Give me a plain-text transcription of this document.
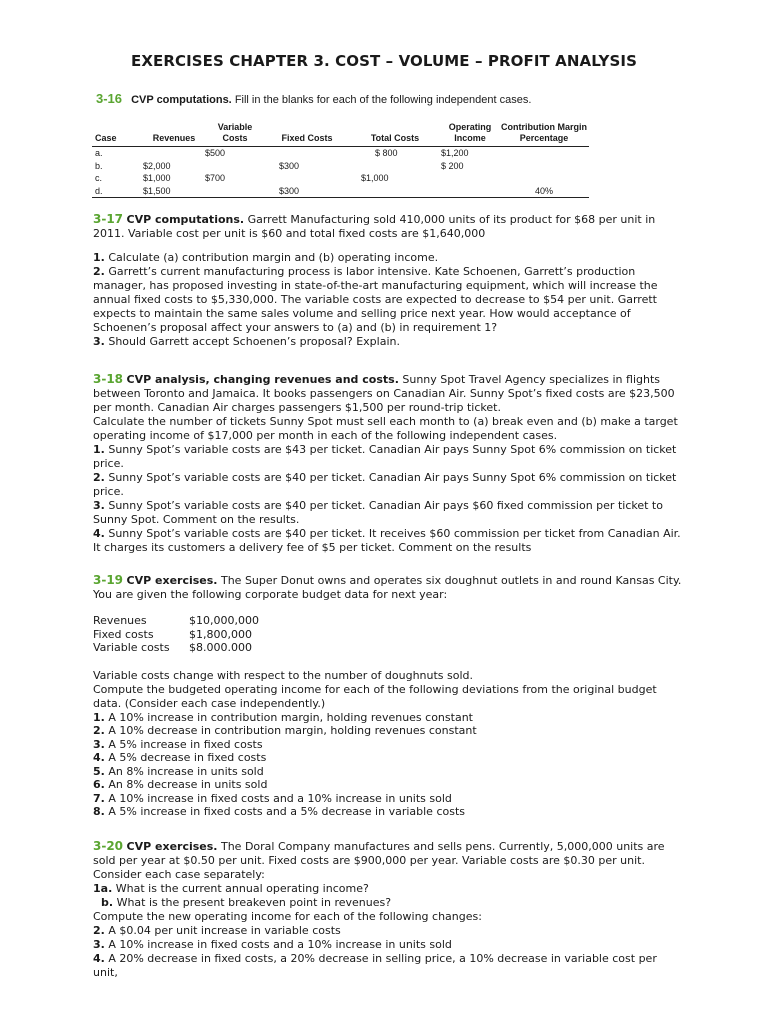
EXERCISES CHAPTER 3. COST – VOLUME – PROFIT ANALYSIS
3-16 CVP computations. Fill in the blanks for each of the following independent cases.
Case	Revenues	Variable Costs	Fixed Costs	Total Costs	Operating Income	Contribution Margin Percentage
a.		$500		$ 800	$1,200	
b.	$2,000		$300		$ 200	
c.	$1,000	$700		$1,000		
d.	$1,500		$300			40%

3-17 CVP computations. Garrett Manufacturing sold 410,000 units of its product for $68 per unit in 2011. Variable cost per unit is $60 and total fixed costs are $1,640,000

1. Calculate (a) contribution margin and (b) operating income.

2. Garrett’s current manufacturing process is labor intensive. Kate Schoenen, Garrett’s production manager, has proposed investing in state-of-the-art manufacturing equipment, which will increase the annual fixed costs to $5,330,000. The variable costs are expected to decrease to $54 per unit. Garrett expects to maintain the same sales volume and selling price next year. How would acceptance of Schoenen’s proposal affect your answers to (a) and (b) in requirement 1?

3. Should Garrett accept Schoenen’s proposal? Explain.

3-18 CVP analysis, changing revenues and costs. Sunny Spot Travel Agency specializes in flights between Toronto and Jamaica. It books passengers on Canadian Air. Sunny Spot’s fixed costs are $23,500 per month. Canadian Air charges passengers $1,500 per round-trip ticket.

Calculate the number of tickets Sunny Spot must sell each month to (a) break even and (b) make a target operating income of $17,000 per month in each of the following independent cases.

1. Sunny Spot’s variable costs are $43 per ticket. Canadian Air pays Sunny Spot 6% commission on ticket price.

2. Sunny Spot’s variable costs are $40 per ticket. Canadian Air pays Sunny Spot 6% commission on ticket price.

3. Sunny Spot’s variable costs are $40 per ticket. Canadian Air pays $60 fixed commission per ticket to Sunny Spot. Comment on the results.

4. Sunny Spot’s variable costs are $40 per ticket. It receives $60 commission per ticket from Canadian Air. It charges its customers a delivery fee of $5 per ticket. Comment on the results

3-19 CVP exercises. The Super Donut owns and operates six doughnut outlets in and round Kansas City. You are given the following corporate budget data for next year:

Revenues	$10,000,000
Fixed costs	$1,800,000
Variable costs $8.000.000

Variable costs change with respect to the number of doughnuts sold.

Compute the budgeted operating income for each of the following deviations from the original budget data. (Consider each case independently.)

1. A 10% increase in contribution margin, holding revenues constant

2. A 10% decrease in contribution margin, holding revenues constant

3. A 5% increase in fixed costs

4. A 5% decrease in fixed costs

5. An 8% increase in units sold

6. An 8% decrease in units sold

7. A 10% increase in fixed costs and a 10% increase in units sold

8. A 5% increase in fixed costs and a 5% decrease in variable costs

3-20 CVP exercises. The Doral Company manufactures and sells pens. Currently, 5,000,000 units are sold per year at $0.50 per unit. Fixed costs are $900,000 per year. Variable costs are $0.30 per unit.

Consider each case separately:

1a. What is the current annual operating income?

b. What is the present breakeven point in revenues?

Compute the new operating income for each of the following changes:

2. A $0.04 per unit increase in variable costs

3. A 10% increase in fixed costs and a 10% increase in units sold

4. A 20% decrease in fixed costs, a 20% decrease in selling price, a 10% decrease in variable cost per unit,
